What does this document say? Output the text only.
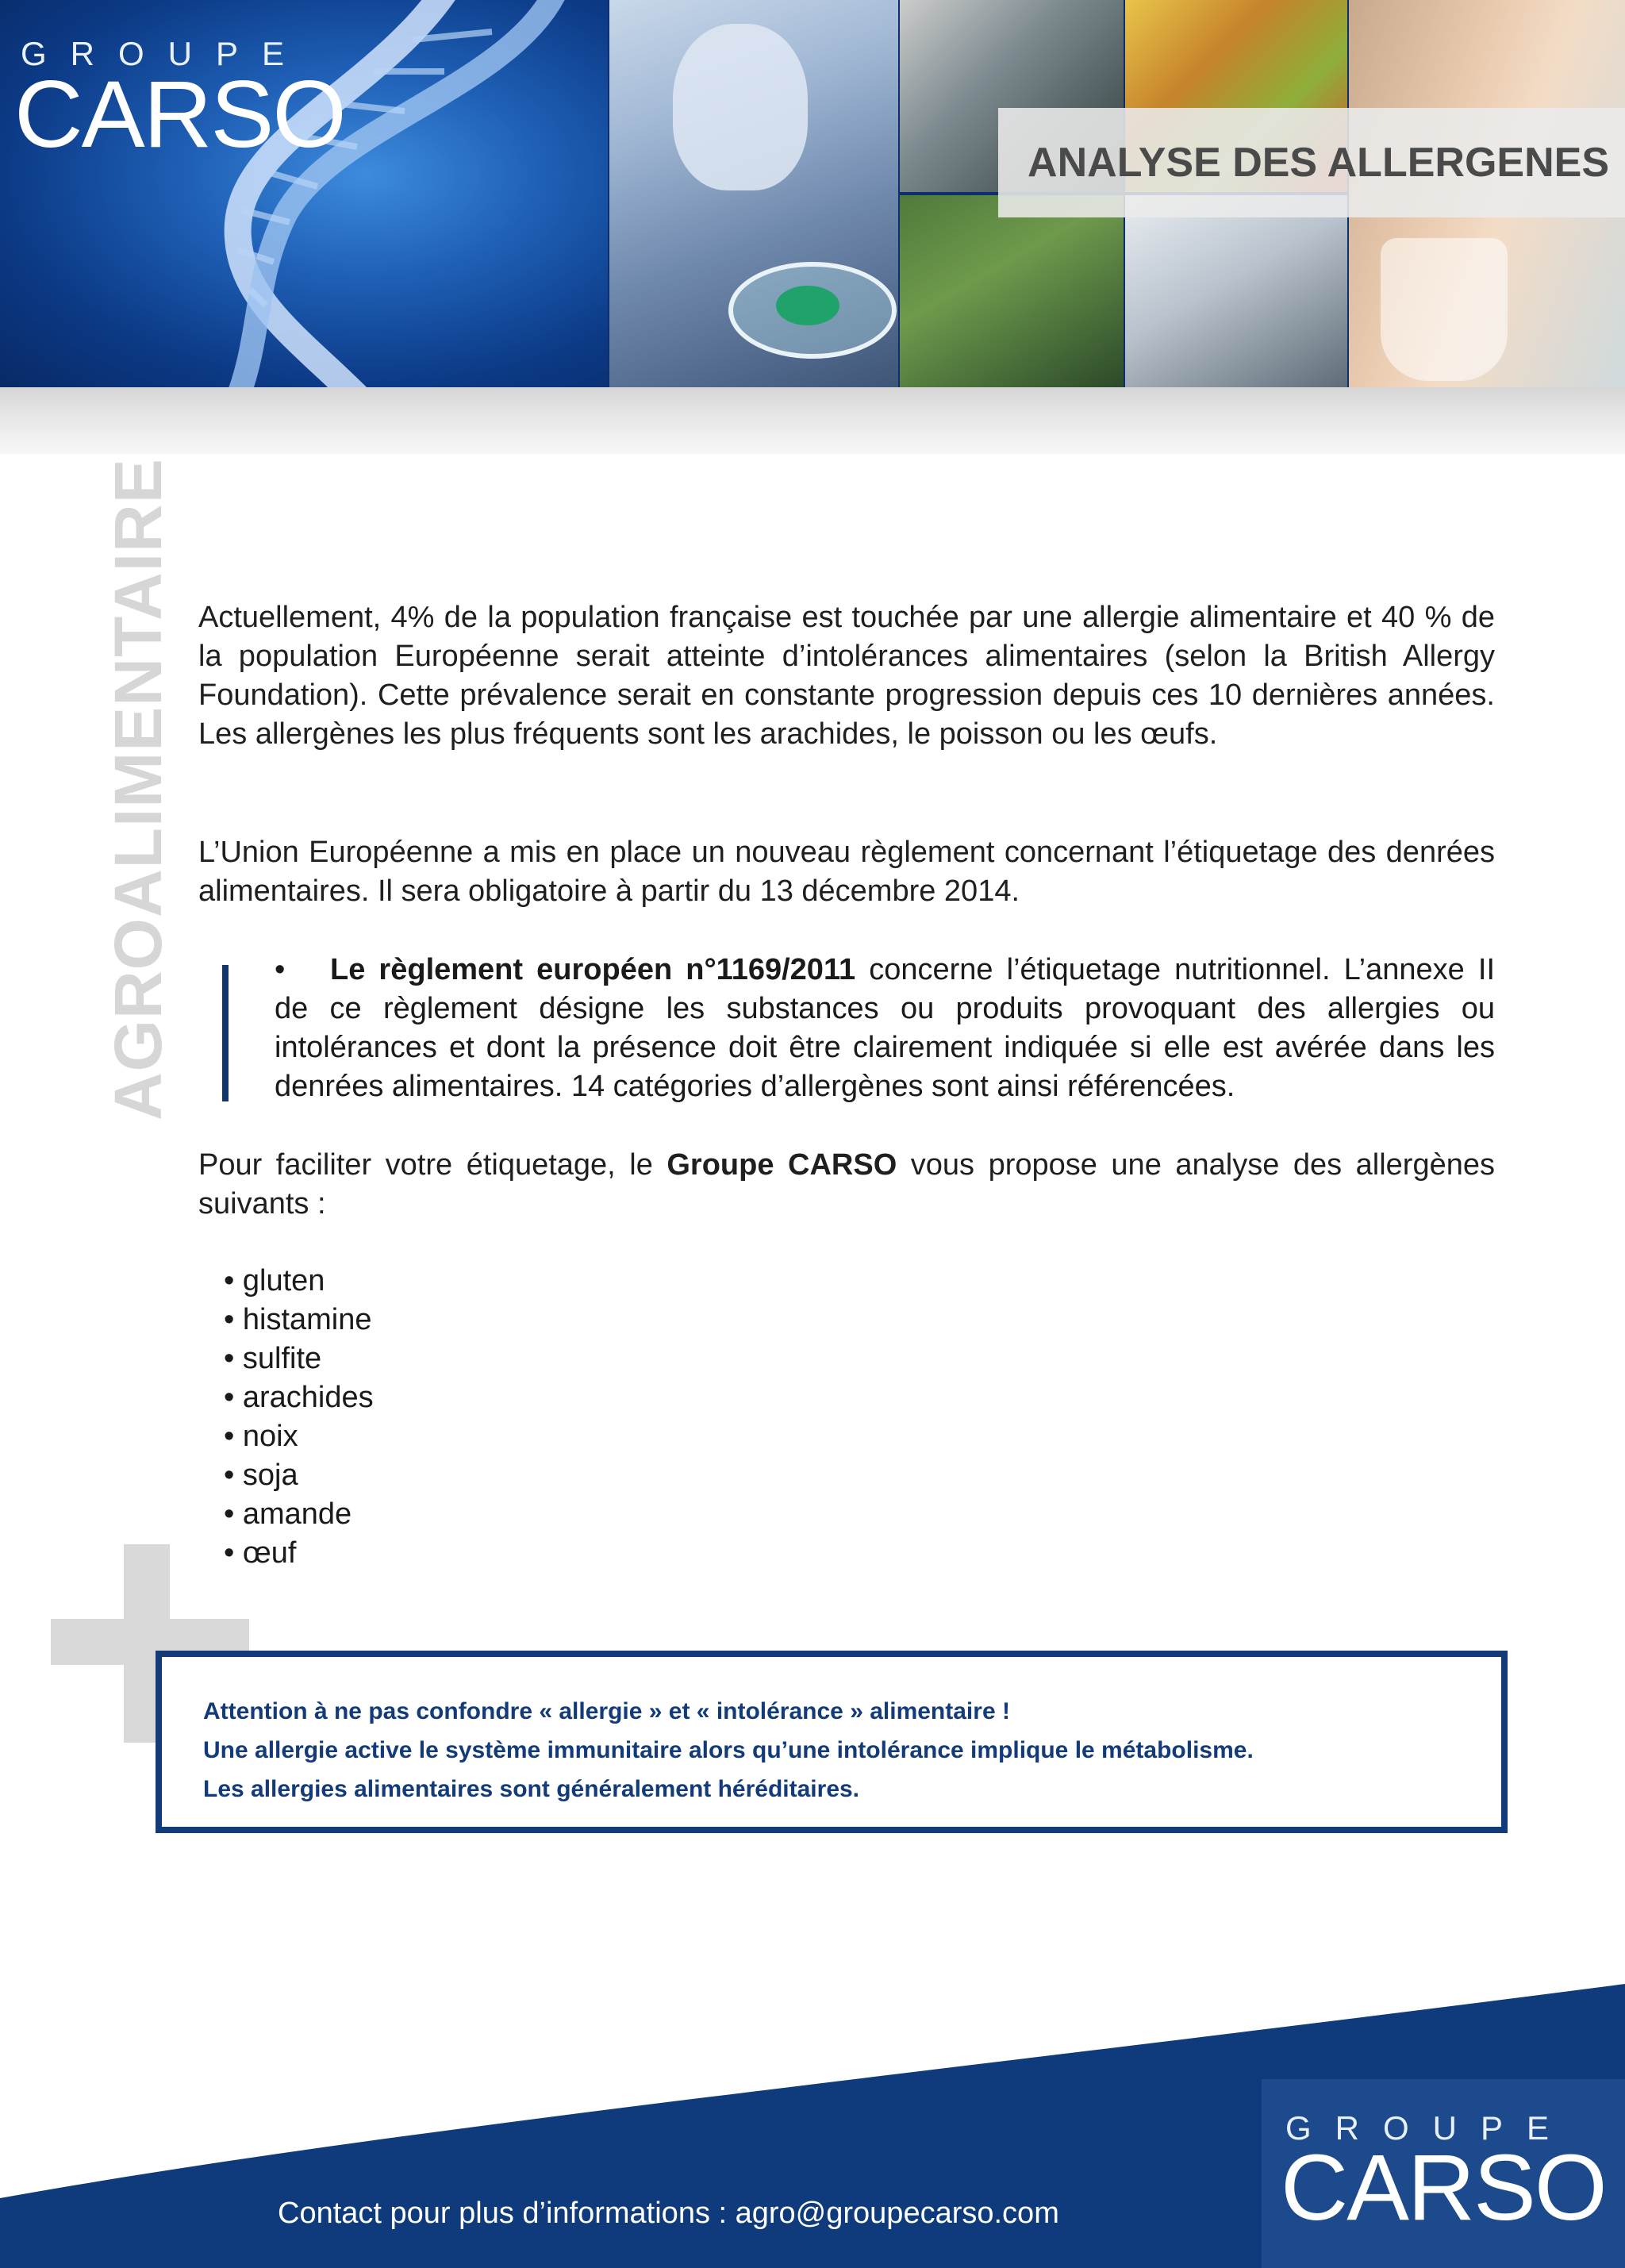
GROUPE
CARSO	ANALYSE DES ALLERGENES
AGROALIMENTAIRE Actuellement, 4% de la population française est touchée par une allergie alimentaire et 40 % de la population Européenne serait atteinte d’intolérances alimentaires (selon la British Allergy Foundation). Cette prévalence serait en constante progression depuis ces 10 dernières années. Les allergènes les plus fréquents sont les arachides, le poisson ou les œufs.
L’Union Européenne a mis en place un nouveau règlement concernant l’étiquetage des denrées alimentaires. Il sera obligatoire à partir du 13 décembre 2014.
• Le règlement européen n°1169/2011 concerne l’étiquetage nutritionnel. L’annexe II de ce règlement désigne les substances ou produits provoquant des allergies ou intolérances et dont la présence doit être clairement indiquée si elle est avérée dans les denrées alimentaires. 14 catégories d’allergènes sont ainsi référencées.
Pour faciliter votre étiquetage, le Groupe CARSO vous propose une analyse des allergènes suivants :
• gluten
• histamine
• sulfite
• arachides
• noix
• soja
• amande
• œuf

Attention à ne pas confondre « allergie » et « intolérance » alimentaire !

Une allergie active le système immunitaire alors qu’une intolérance implique le métabolisme.

Les allergies alimentaires sont généralement héréditaires.

Contact pour plus d’informations : agro@groupecarso.com
GROUPE
CARSO
